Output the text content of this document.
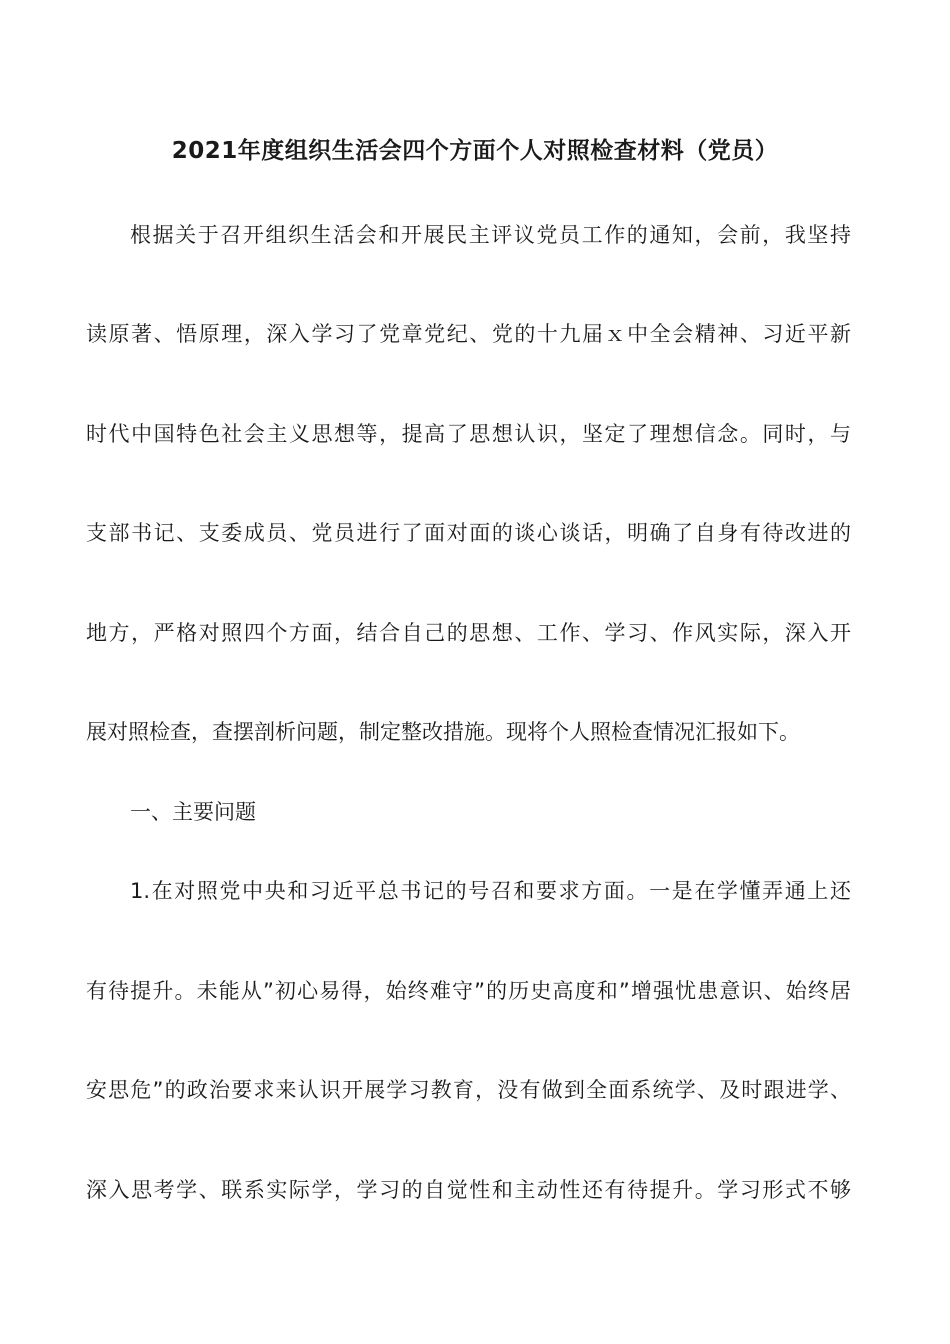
2021年度组织生活会四个方面个人对照检查材料（党员）
根据关于召开组织生活会和开展民主评议党员工作的通知，会前，我坚持
读原著、悟原理，深入学习了党章党纪、党的十九届ｘ中全会精神、习近平新
时代中国特色社会主义思想等，提高了思想认识，坚定了理想信念。同时，与
支部书记、支委成员、党员进行了面对面的谈心谈话，明确了自身有待改进的
地方，严格对照四个方面，结合自己的思想、工作、学习、作风实际，深入开
展对照检查，查摆剖析问题，制定整改措施。现将个人照检查情况汇报如下。
一、主要问题
1.在对照党中央和习近平总书记的号召和要求方面。一是在学懂弄通上还
有待提升。未能从”初心易得，始终难守”的历史高度和”增强忧患意识、始终居
安思危”的政治要求来认识开展学习教育，没有做到全面系统学、及时跟进学、
深入思考学、联系实际学，学习的自觉性和主动性还有待提升。学习形式不够
